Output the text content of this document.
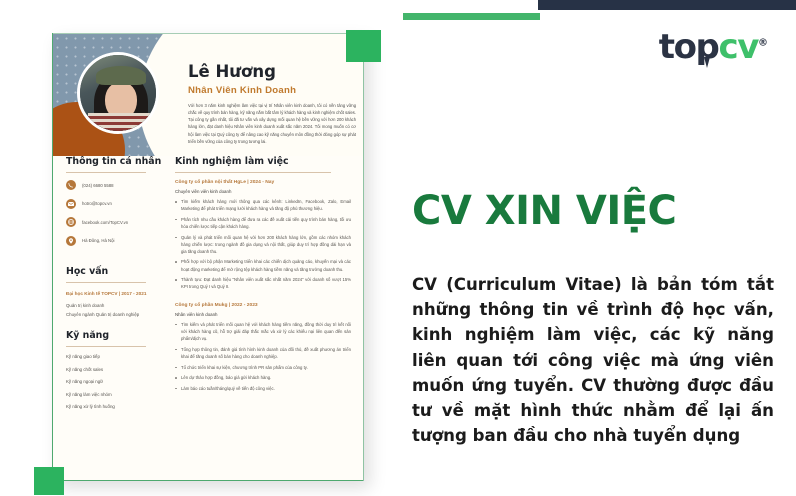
topcv®
CV XIN VIỆC
CV (Curriculum Vitae) là bản tóm tắt những thông tin về trình độ học vấn, kinh nghiệm làm việc, các kỹ năng liên quan tới công việc mà ứng viên muốn ứng tuyển. CV thường được đầu tư về mặt hình thức nhằm để lại ấn tượng ban đầu cho nhà tuyển dụng
Lê Hương
Nhân Viên Kinh Doanh
Với hơn 3 năm kinh nghiệm làm việc tại vị trí Nhân viên kinh doanh, tôi có nền tảng vững chắc về quy trình bán hàng, kỹ năng nắm bắt tâm lý khách hàng và kinh nghiệm chốt sales. Tại công ty gần nhất, tôi đã tư vấn và xây dựng mối quan hệ bền vững với hơn 200 khách hàng lớn, đạt danh hiệu Nhân viên kinh doanh xuất sắc năm 2024. Tôi mong muốn có cơ hội làm việc tại Quý công ty để nâng cao kỹ năng chuyên môn đồng thời đóng góp sự phát triển bền vững của công ty trong tương lai.
Thông tin cá nhân
(024) 6680 5588
hotro@topcv.vn
facebook.com/TopCV.vn
Hà Đông, Hà Nội
Học vấn
Đại học Kinh tế TOPCV | 2017 - 2021
Quản trị kinh doanh
Chuyên ngành Quản trị doanh nghiệp
Kỹ năng
Kỹ năng giao tiếp
Kỹ năng chốt sales
Kỹ năng ngoại ngữ
Kỹ năng làm việc nhóm
Kỹ năng xử lý tình huống
Kinh nghiệm làm việc
Công ty cổ phần nội thất HgLe | 2024 - Nay
Chuyên viên viên kinh doanh
Tìm kiếm khách hàng mới thông qua các kênh: LinkedIn, Facebook, Zalo, Email Marketing để phát triển mạng lưới khách hàng và tăng độ phủ thương hiệu.
Phân tích nhu cầu khách hàng để đưa ra các đề xuất cải tiến quy trình bán hàng, tối ưu hóa chiến lược tiếp cận khách hàng.
Quản lý và phát triển mối quan hệ với hơn 200 khách hàng lớn, gồm các nhóm khách hàng chiến lược: trong ngành đồ gia dụng và nội thất, giúp duy trì hợp đồng dài hạn và gia tăng doanh thu.
Phối hợp với bộ phận Marketing triển khai các chiến dịch quảng cáo, khuyến mại và các hoạt động marketing để mở rộng tệp khách hàng tiềm năng và tăng trưởng doanh thu.
Thành tựu: Đạt danh hiệu "Nhân viên xuất sắc nhất năm 2024" với doanh số vượt 15% KPI trong Quý I và Quý II.
Công ty cổ phần Mukg | 2022 - 2023
Nhân viên kinh doanh
Tìm kiếm và phát triển mối quan hệ với khách hàng tiềm năng, đồng thời duy trì kết nối với khách hàng cũ, hỗ trợ giải đáp thắc mắc và xử lý các khiếu nại liên quan đến sản phẩm/dịch vụ.
Tổng hợp thông tin, đánh giá tình hình kinh doanh của đối thủ, đề xuất phương án triển khai để tăng doanh số bán hàng cho doanh nghiệp.
Tổ chức triển khai sự kiện, chương trình PR sản phẩm của công ty.
Lên dự thảo hợp đồng, báo giá gửi khách hàng.
Làm báo cáo tuần/tháng/quý về tiến độ công việc.
